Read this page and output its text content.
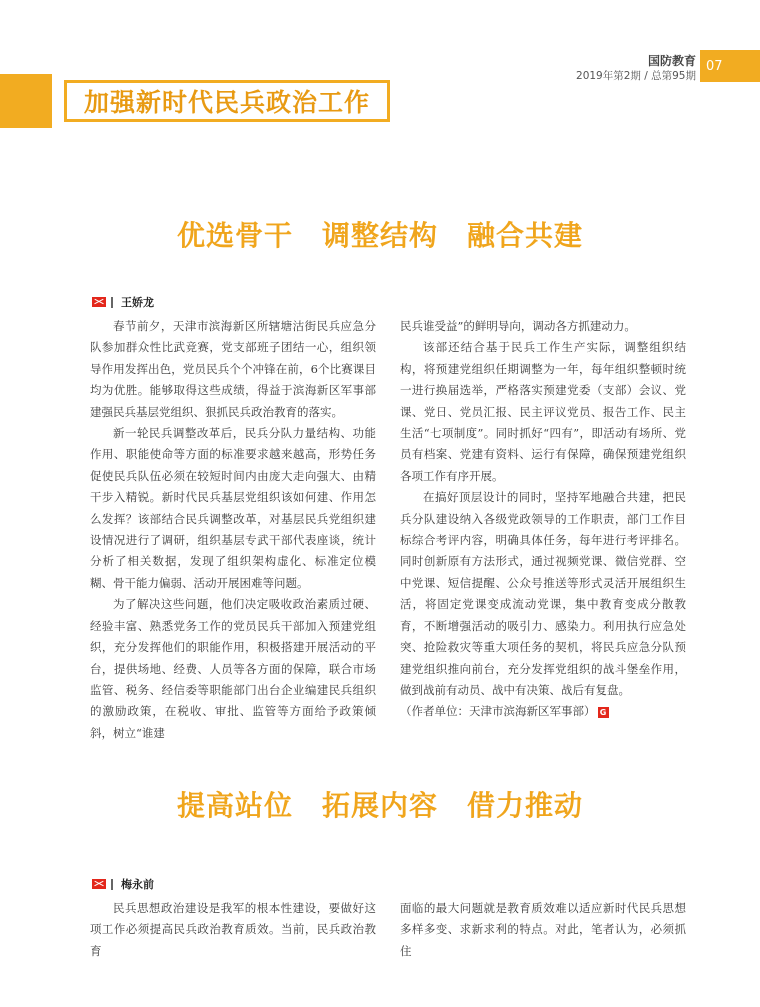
加强新时代民兵政治工作
国防教育
2019年第2期 / 总第95期
07
优选骨干　调整结构　融合共建
王娇龙

春节前夕，天津市滨海新区所辖塘沽街民兵应急分队参加群众性比武竞赛，党支部班子团结一心，组织领导作用发挥出色，党员民兵个个冲锋在前，6个比赛课目均为优胜。能够取得这些成绩，得益于滨海新区军事部建强民兵基层党组织、狠抓民兵政治教育的落实。

新一轮民兵调整改革后，民兵分队力量结构、功能作用、职能使命等方面的标准要求越来越高，形势任务促使民兵队伍必须在较短时间内由庞大走向强大、由精干步入精锐。新时代民兵基层党组织该如何建、作用怎么发挥？该部结合民兵调整改革，对基层民兵党组织建设情况进行了调研，组织基层专武干部代表座谈，统计分析了相关数据，发现了组织架构虚化、标准定位模糊、骨干能力偏弱、活动开展困难等问题。

为了解决这些问题，他们决定吸收政治素质过硬、经验丰富、熟悉党务工作的党员民兵干部加入预建党组织，充分发挥他们的职能作用，积极搭建开展活动的平台，提供场地、经费、人员等各方面的保障，联合市场监管、税务、经信委等职能部门出台企业编建民兵组织的激励政策，在税收、审批、监管等方面给予政策倾斜，树立“谁建

民兵谁受益”的鲜明导向，调动各方抓建动力。

该部还结合基于民兵工作生产实际，调整组织结构，将预建党组织任期调整为一年，每年组织整顿时统一进行换届选举，严格落实预建党委（支部）会议、党课、党日、党员汇报、民主评议党员、报告工作、民主生活“七项制度”。同时抓好“四有”，即活动有场所、党员有档案、党建有资料、运行有保障，确保预建党组织各项工作有序开展。

在搞好顶层设计的同时，坚持军地融合共建，把民兵分队建设纳入各级党政领导的工作职责，部门工作目标综合考评内容，明确具体任务，每年进行考评排名。同时创新原有方法形式，通过视频党课、微信党群、空中党课、短信提醒、公众号推送等形式灵活开展组织生活，将固定党课变成流动党课，集中教育变成分散教育，不断增强活动的吸引力、感染力。利用执行应急处突、抢险救灾等重大项任务的契机，将民兵应急分队预建党组织推向前台，充分发挥党组织的战斗堡垒作用，做到战前有动员、战中有决策、战后有复盘。

（作者单位：天津市滨海新区军事部） G

提高站位　拓展内容　借力推动
梅永前

民兵思想政治建设是我军的根本性建设，要做好这项工作必须提高民兵政治教育质效。当前，民兵政治教育

面临的最大问题就是教育质效难以适应新时代民兵思想多样多变、求新求利的特点。对此，笔者认为，必须抓住
